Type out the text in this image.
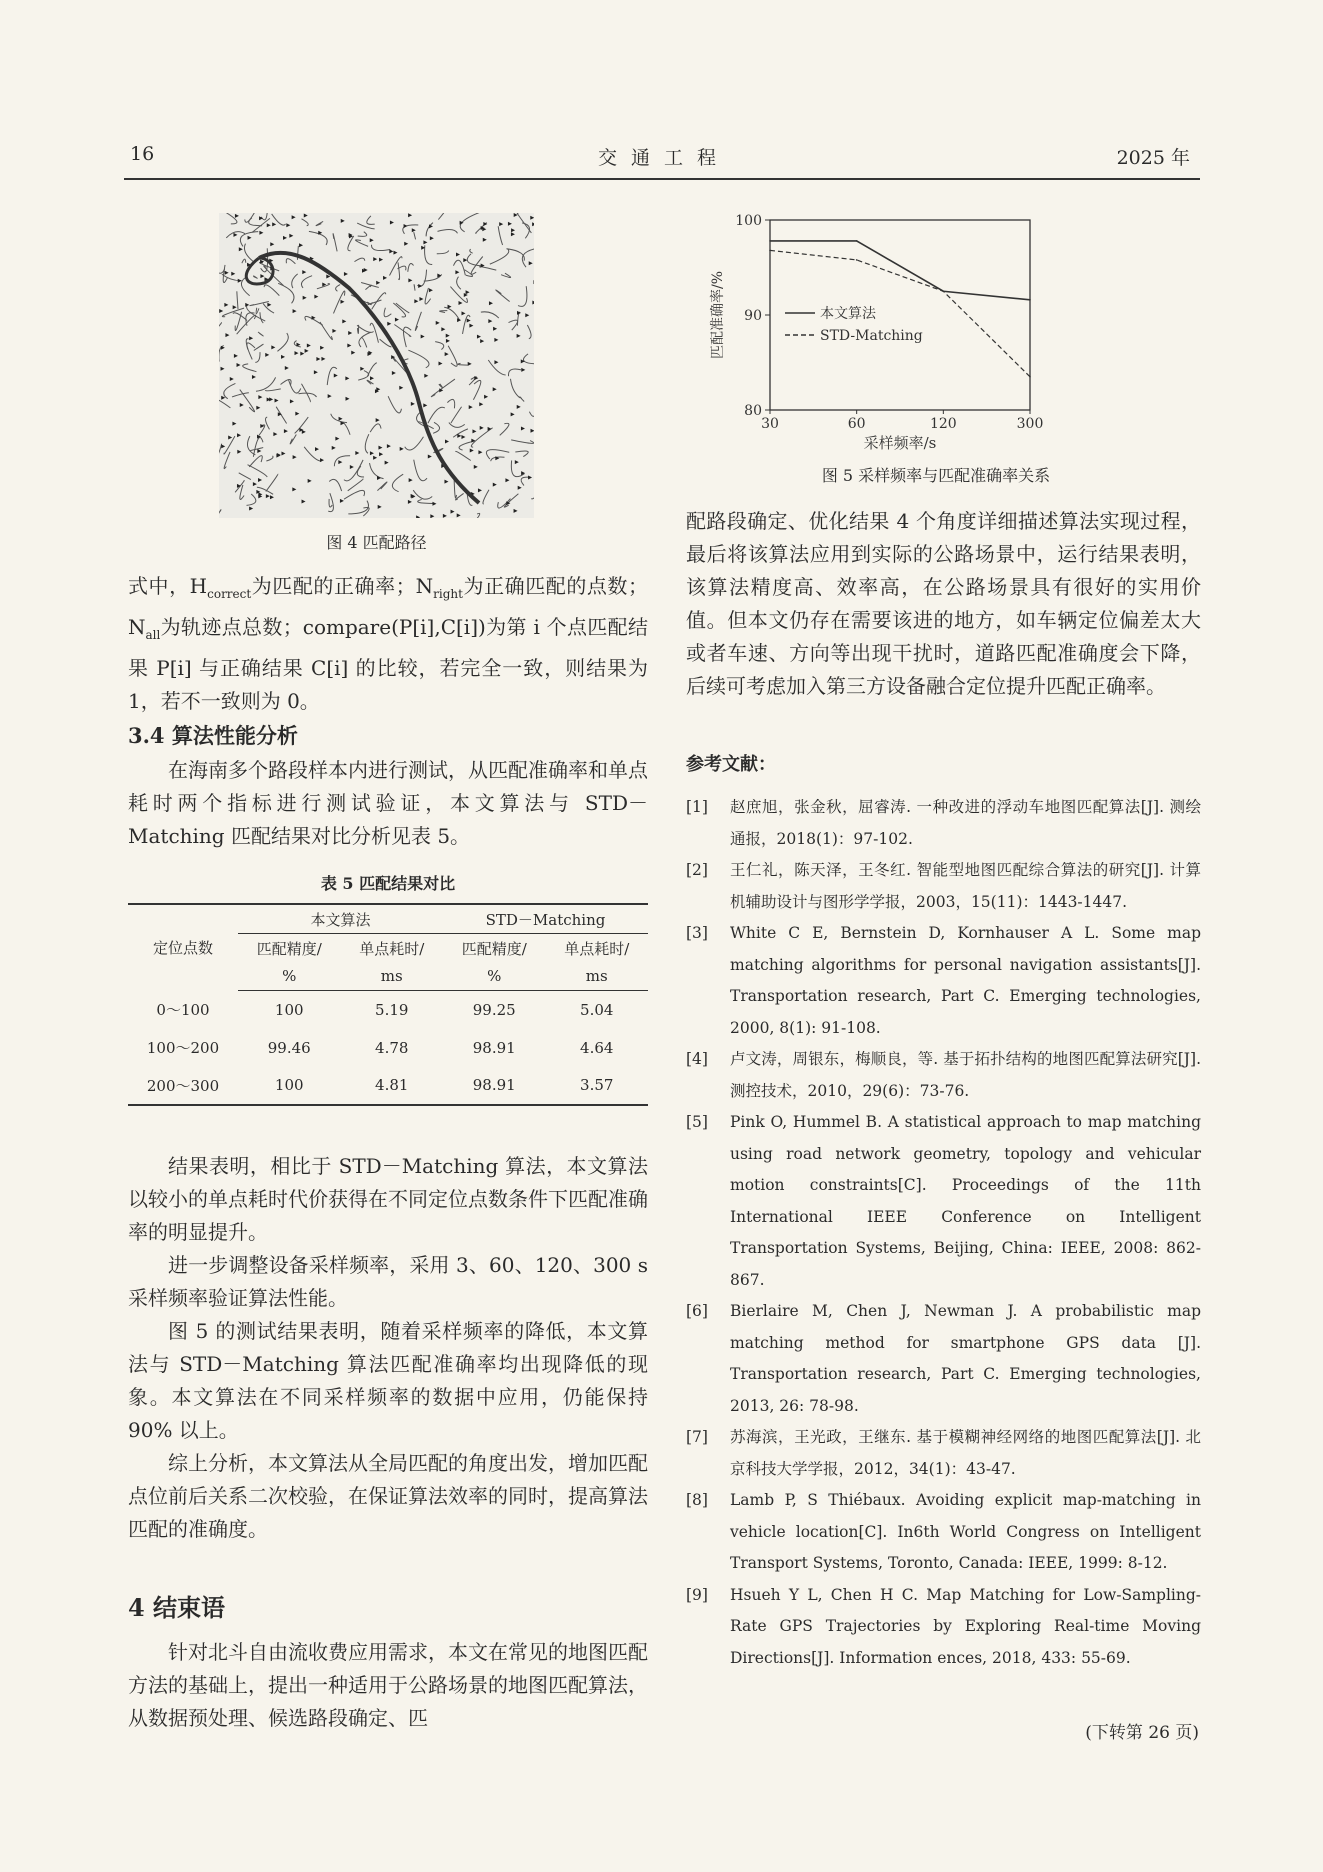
16	交通工程	2025 年
图 4 匹配路径
式中，$H_{correct}$为匹配的正确率；$N_{right}$为正确匹配的点数；$N_{all}$为轨迹点总数；compare(P[i],C[i])为第 i 个点匹配结果 P[i] 与正确结果 C[i] 的比较，若完全一致，则结果为 1，若不一致则为 0。
3.4 算法性能分析

在海南多个路段样本内进行测试，从匹配准确率和单点耗时两个指标进行测试验证，本文算法与 STD－Matching 匹配结果对比分析见表 5。

表 5 匹配结果对比
定位点数	本文算法		STD－Matching	
	匹配精度/	单点耗时/	匹配精度/	单点耗时/
	%	ms	%	ms
0～100	100	5.19	99.25	5.04
100～200	99.46	4.78	98.91	4.64
200～300	100	4.81	98.91	3.57

结果表明，相比于 STD－Matching 算法，本文算法以较小的单点耗时代价获得在不同定位点数条件下匹配准确率的明显提升。

进一步调整设备采样频率，采用 3、60、120、300 s 采样频率验证算法性能。

图 5 的测试结果表明，随着采样频率的降低，本文算法与 STD－Matching 算法匹配准确率均出现降低的现象。本文算法在不同采样频率的数据中应用，仍能保持 90% 以上。

综上分析，本文算法从全局匹配的角度出发，增加匹配点位前后关系二次校验，在保证算法效率的同时，提高算法匹配的准确度。

4 结束语

针对北斗自由流收费应用需求，本文在常见的地图匹配方法的基础上，提出一种适用于公路场景的地图匹配算法，从数据预处理、候选路段确定、匹

80
90
100
30	60	120	300
采样频率/s
匹配准确率/%	本文算法
STD-Matching
图 5 采样频率与匹配准确率关系

配路段确定、优化结果 4 个角度详细描述算法实现过程，最后将该算法应用到实际的公路场景中，运行结果表明，该算法精度高、效率高，在公路场景具有很好的实用价值。但本文仍存在需要该进的地方，如车辆定位偏差太大或者车速、方向等出现干扰时，道路匹配准确度会下降，后续可考虑加入第三方设备融合定位提升匹配正确率。

参考文献：
[1] 赵庶旭，张金秋，屈睿涛. 一种改进的浮动车地图匹配算法[J]. 测绘通报，2018(1)：97-102.
[2] 王仁礼，陈天泽，王冬红. 智能型地图匹配综合算法的研究[J]. 计算机辅助设计与图形学学报，2003，15(11)：1443-1447.
[3] White C E, Bernstein D, Kornhauser A L. Some map matching algorithms for personal navigation assistants[J]. Transportation research, Part C. Emerging technologies, 2000, 8(1): 91-108.
[4] 卢文涛，周银东，梅顺良，等. 基于拓扑结构的地图匹配算法研究[J]. 测控技术，2010，29(6)：73-76.
[5] Pink O, Hummel B. A statistical approach to map matching using road network geometry, topology and vehicular motion constraints[C]. Proceedings of the 11th International IEEE Conference on Intelligent Transportation Systems, Beijing, China: IEEE, 2008: 862-867.
[6] Bierlaire M, Chen J, Newman J. A probabilistic map matching method for smartphone GPS data [J]. Transportation research, Part C. Emerging technologies, 2013, 26: 78-98.
[7] 苏海滨，王光政，王继东. 基于模糊神经网络的地图匹配算法[J]. 北京科技大学学报，2012，34(1)：43-47.
[8] Lamb P, S Thiébaux. Avoiding explicit map-matching in vehicle location[C]. In6th World Congress on Intelligent Transport Systems, Toronto, Canada: IEEE, 1999: 8-12.
[9] Hsueh Y L, Chen H C. Map Matching for Low-Sampling-Rate GPS Trajectories by Exploring Real-time Moving Directions[J]. Information ences, 2018, 433: 55-69.
(下转第 26 页)
